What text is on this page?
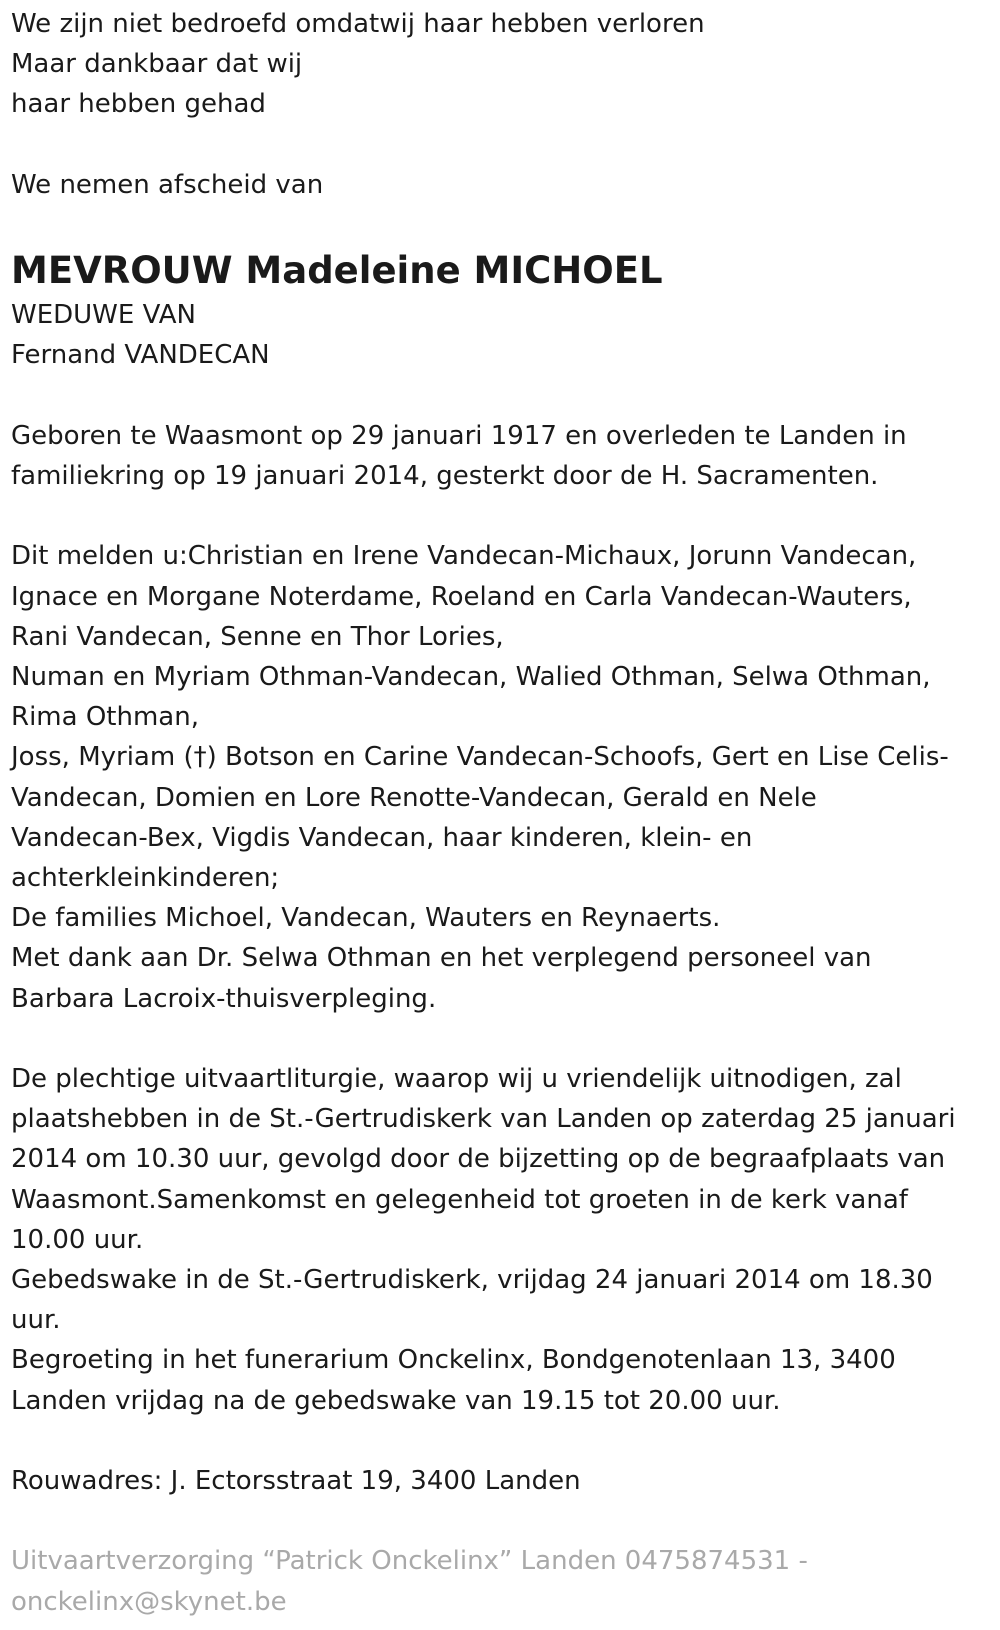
We zijn niet bedroefd omdatwij haar hebben verloren
Maar dankbaar dat wij
haar hebben gehad
We nemen afscheid van
MEVROUW Madeleine MICHOEL
WEDUWE VAN
Fernand VANDECAN
Geboren te Waasmont op 29 januari 1917 en overleden te Landen in
familiekring op 19 januari 2014, gesterkt door de H. Sacramenten.
Dit melden u:Christian en Irene Vandecan-Michaux, Jorunn Vandecan,
Ignace en Morgane Noterdame, Roeland en Carla Vandecan-Wauters,
Rani Vandecan, Senne en Thor Lories,
Numan en Myriam Othman-Vandecan, Walied Othman, Selwa Othman,
Rima Othman,
Joss, Myriam (†) Botson en Carine Vandecan-Schoofs, Gert en Lise Celis-
Vandecan, Domien en Lore Renotte-Vandecan, Gerald en Nele
Vandecan-Bex, Vigdis Vandecan, haar kinderen, klein- en
achterkleinkinderen;
De families Michoel, Vandecan, Wauters en Reynaerts.
Met dank aan Dr. Selwa Othman en het verplegend personeel van
Barbara Lacroix-thuisverpleging.
De plechtige uitvaartliturgie, waarop wij u vriendelijk uitnodigen, zal
plaatshebben in de St.-Gertrudiskerk van Landen op zaterdag 25 januari
2014 om 10.30 uur, gevolgd door de bijzetting op de begraafplaats van
Waasmont.Samenkomst en gelegenheid tot groeten in de kerk vanaf
10.00 uur.
Gebedswake in de St.-Gertrudiskerk, vrijdag 24 januari 2014 om 18.30
uur.
Begroeting in het funerarium Onckelinx, Bondgenotenlaan 13, 3400
Landen vrijdag na de gebedswake van 19.15 tot 20.00 uur.
Rouwadres: J. Ectorsstraat 19, 3400 Landen
Uitvaartverzorging “Patrick Onckelinx” Landen 0475874531 -
onckelinx@skynet.be
